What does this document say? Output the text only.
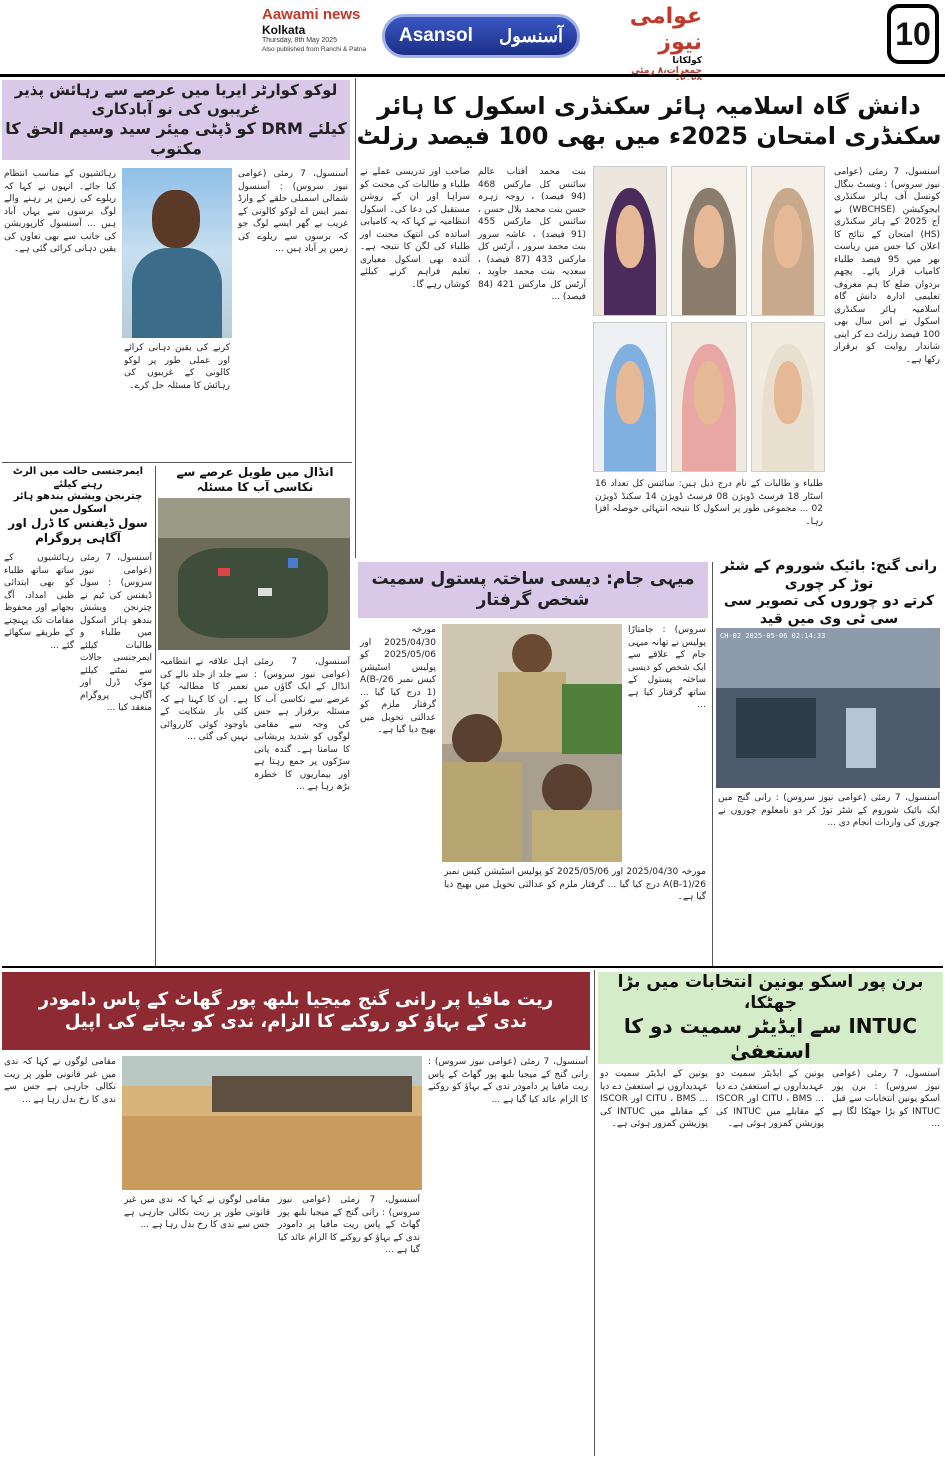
Aawami news
Kolkata
Thursday, 8th May 2025
Also published from Ranchi & Patna
Asansol آسنسول
عوامی نیوز
کولکاتا
جمعرات،۸ رمئی
10
دانش گاہ اسلامیہ ہائر سکنڈری اسکول کا ہائر
سکنڈری امتحان 2025ء میں بھی 100 فیصد رزلٹ
آسنسول، 7 رمئی (عوامی نیوز سروس) : ویسٹ بنگال کونسل آف ہائر سکنڈری ایجوکیشن (WBCHSE) نے آج 2025 کے ہائر سکنڈری (HS) امتحان کے نتائج کا اعلان کیا جس میں ریاست بھر میں 95 فیصد طلباء کامیاب قرار پائے۔ پچھم بردوان ضلع کا ہم معروف تعلیمی ادارہ دانش گاہ اسلامیہ ہائر سکنڈری اسکول نے اس سال بھی 100 فیصد رزلٹ دے کر اپنی شاندار روایت کو برقرار رکھا ہے۔
طلباء و طالبات کے نام درج ذیل ہیں: سائنس کل تعداد 16 اسٹار 18 فرسٹ ڈویژن 08 فرسٹ ڈویژن 14 سکنڈ ڈویژن 02 ... مجموعی طور پر اسکول کا نتیجہ انتہائی حوصلہ افزا رہا۔
بنت محمد آفتاب عالم سائنس کل مارکس 468 (94 فیصد) ، زوجہ زہرہ حسن بنت محمد بلال حسن ، سائنس کل مارکس 455 (91 فیصد) ، عاشہ سرور بنت محمد سرور ، آرٹس کل مارکس 433 (87 فیصد) ، سعدیہ بنت محمد جاوید ، آرٹس کل مارکس 421 (84 فیصد) ...
صاحب اور تدریسی عملے نے طلباء و طالبات کی محنت کو سراہا اور ان کے روشن مستقبل کی دعا کی۔ اسکول انتظامیہ نے کہا کہ یہ کامیابی اساتذہ کی انتھک محنت اور طلباء کی لگن کا نتیجہ ہے۔ آئندہ بھی اسکول معیاری تعلیم فراہم کرنے کیلئے کوشاں رہے گا۔
لوکو کوارٹر ایریا میں عرصے سے رہائش پذیر غریبوں کی نو آبادکاری
کیلئے DRM کو ڈپٹی میئر سید وسیم الحق کا مکتوب
آسنسول، 7 رمئی (عوامی نیوز سروس) : آسنسول شمالی اسمبلی حلقے کے وارڈ نمبر ایس اے لوکو کالونی کے غریب بے گھر ایسے لوگ جو کہ برسوں سے ریلوے کی زمین پر آباد ہیں ...
کرنے کی یقین دہانی کرائے اور عملی طور پر لوکو کالونی کے غریبوں کی رہائش کا مسئلہ حل کرے۔
رہائشیوں کے مناسب انتظام کیا جائے۔ انہوں نے کہا کہ ریلوے کی زمین پر رہنے والے لوگ برسوں سے یہاں آباد ہیں ... آسنسول کارپوریشن کی جانب سے بھی تعاون کی یقین دہانی کرائی گئی ہے۔
انڈال میں طویل عرصے سے نکاسی آب کا مسئلہ
آسنسول، 7 رمئی (عوامی نیوز سروس) : انڈال کے ایک گاؤں میں عرصے سے نکاسی آب کا مسئلہ برقرار ہے جس کی وجہ سے مقامی لوگوں کو شدید پریشانی کا سامنا ہے۔ گندہ پانی سڑکوں پر جمع رہتا ہے اور بیماریوں کا خطرہ بڑھ رہا ہے ...
اہل علاقہ نے انتظامیہ سے جلد از جلد نالے کی تعمیر کا مطالبہ کیا ہے۔ ان کا کہنا ہے کہ کئی بار شکایت کے باوجود کوئی کارروائی نہیں کی گئی ...
ایمرجنسی حالت میں الرٹ رہنے کیلئے
چترنجن ویشش بندھو ہائر اسکول میں
سول ڈیفنس کا ڈرل اور آگاہی پروگرام
آسنسول، 7 رمئی (عوامی نیوز سروس) : سول ڈیفنس کی ٹیم نے چترنجن ویشش بندھو ہائر اسکول میں طلباء و طالبات کیلئے ایمرجنسی حالات سے نمٹنے کیلئے موک ڈرل اور آگاہی پروگرام منعقد کیا ...
رہائشیوں کے ساتھ ساتھ طلباء کو بھی ابتدائی طبی امداد، آگ بجھانے اور محفوظ مقامات تک پہنچنے کے طریقے سکھائے گئے ...
میہی جام: دیسی ساختہ پستول سمیت شخص گرفتار
سروس) : جامتاڑا پولیس نے تھانہ میہی جام کے علاقے سے ایک شخص کو دیسی ساختہ پستول کے ساتھ گرفتار کیا ہے ...
مورخہ 2025/04/30 اور 2025/05/06 کو پولیس اسٹیشن کیس نمبر 26/A(B-1) درج کیا گیا ... گرفتار ملزم کو عدالتی تحویل میں بھیج دیا گیا ہے۔
مورخہ 2025/04/30 اور 2025/05/06 کو پولیس اسٹیشن کیس نمبر 26/A(B-1) درج کیا گیا ... گرفتار ملزم کو عدالتی تحویل میں بھیج دیا گیا ہے۔
رانی گنج: بائیک شوروم کے شٹر توڑ کر چوری
کرتے دو چوروں کی تصویر سی سی ٹی وی میں قید
CH-02 2025-05-06 02:14:33
آسنسول، 7 رمئی (عوامی نیوز سروس) : رانی گنج میں ایک بائیک شوروم کے شٹر توڑ کر دو نامعلوم چوروں نے چوری کی واردات انجام دی ...
ریت مافیا پر رانی گنج میجیا بلبھ پور گھاٹ کے پاس دامودر
ندی کے بہاؤ کو روکنے کا الزام، ندی کو بچانے کی اپیل
آسنسول، 7 رمئی (عوامی نیوز سروس) : رانی گنج کے میجیا بلبھ پور گھاٹ کے پاس ریت مافیا پر دامودر ندی کے بہاؤ کو روکنے کا الزام عائد کیا گیا ہے ...
مقامی لوگوں نے کہا کہ ندی میں غیر قانونی طور پر ریت نکالی جارہی ہے جس سے ندی کا رخ بدل رہا ہے ...
آسنسول، 7 رمئی (عوامی نیوز سروس) : رانی گنج کے میجیا بلبھ پور گھاٹ کے پاس ریت مافیا پر دامودر ندی کے بہاؤ کو روکنے کا الزام عائد کیا گیا ہے ...
مقامی لوگوں نے کہا کہ ندی میں غیر قانونی طور پر ریت نکالی جارہی ہے جس سے ندی کا رخ بدل رہا ہے ...
برن پور اسکو یونین انتخابات میں بڑا جھٹکا،
INTUC سے ایڈیٹر سمیت دو کا استعفیٰ
آسنسول، 7 رمئی (عوامی نیوز سروس) : برن پور اسکو یونین انتخابات سے قبل INTUC کو بڑا جھٹکا لگا ہے ...
یونین کے ایڈیٹر سمیت دو عہدیداروں نے استعفیٰ دے دیا ... CITU ، BMS اور ISCOR کے مقابلے میں INTUC کی پوزیشن کمزور ہوئی ہے۔
یونین کے ایڈیٹر سمیت دو عہدیداروں نے استعفیٰ دے دیا ... CITU ، BMS اور ISCOR کے مقابلے میں INTUC کی پوزیشن کمزور ہوئی ہے۔
